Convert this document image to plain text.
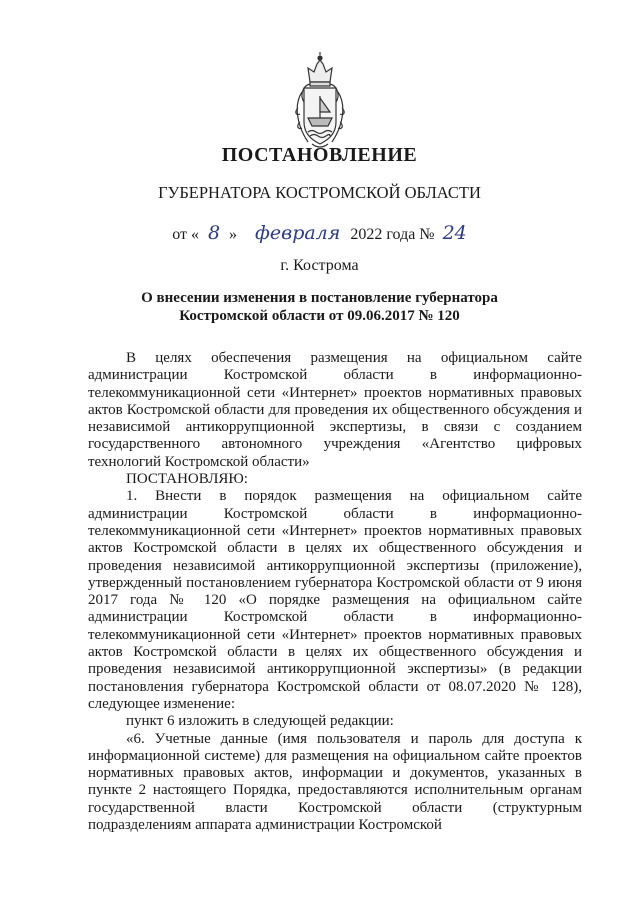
ПОСТАНОВЛЕНИЕ
ГУБЕРНАТОРА КОСТРОМСКОЙ ОБЛАСТИ
от « 8 » февраля 2022 года № 24
г. Кострома
О внесении изменения в постановление губернатора
Костромской области от 09.06.2017 № 120

В целях обеспечения размещения на официальном сайте администрации Костромской области в информационно-телекоммуникационной сети «Интернет» проектов нормативных правовых актов Костромской области для проведения их общественного обсуждения и независимой антикоррупционной экспертизы, в связи с созданием государственного автономного учреждения «Агентство цифровых технологий Костромской области»

ПОСТАНОВЛЯЮ:

1. Внести в порядок размещения на официальном сайте администрации Костромской области в информационно-телекоммуникационной сети «Интернет» проектов нормативных правовых актов Костромской области в целях их общественного обсуждения и проведения независимой антикоррупционной экспертизы (приложение), утвержденный постановлением губернатора Костромской области от 9 июня 2017 года № 120 «О порядке размещения на официальном сайте администрации Костромской области в информационно-телекоммуникационной сети «Интернет» проектов нормативных правовых актов Костромской области в целях их общественного обсуждения и проведения независимой антикоррупционной экспертизы» (в редакции постановления губернатора Костромской области от 08.07.2020 № 128), следующее изменение:

пункт 6 изложить в следующей редакции:

«6. Учетные данные (имя пользователя и пароль для доступа к информационной системе) для размещения на официальном сайте проектов нормативных правовых актов, информации и документов, указанных в пункте 2 настоящего Порядка, предоставляются исполнительным органам государственной власти Костромской области (структурным подразделениям аппарата администрации Костромской
